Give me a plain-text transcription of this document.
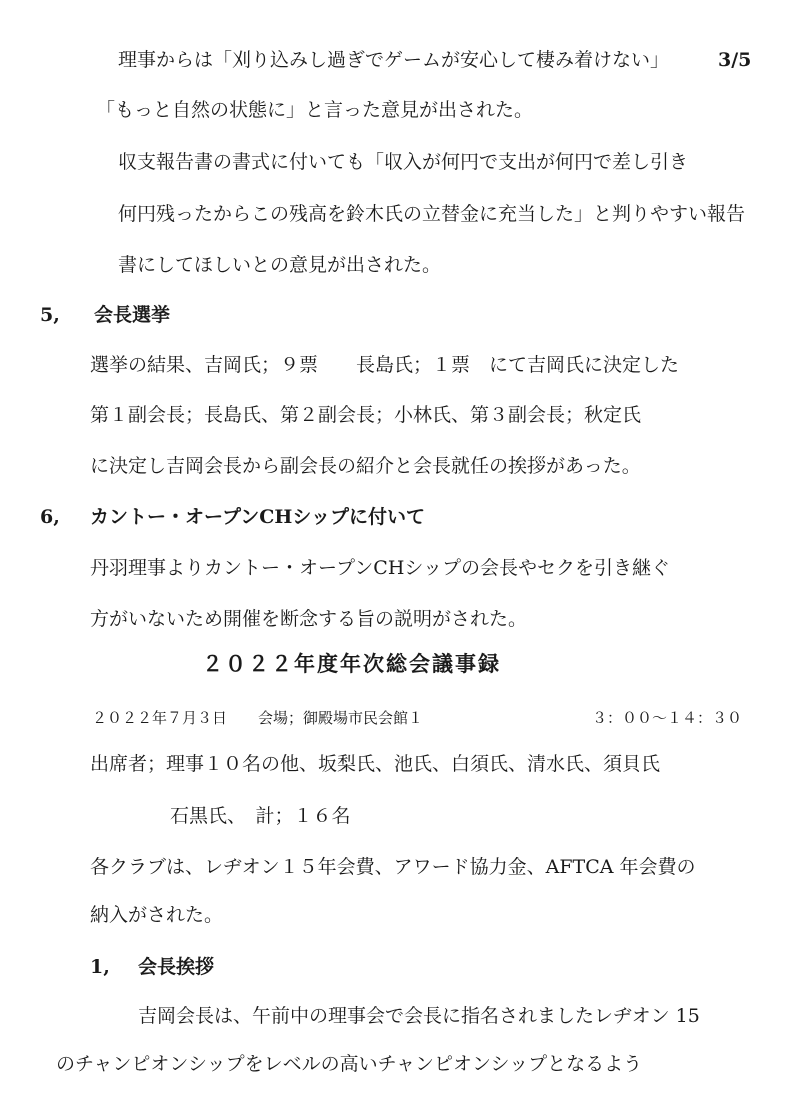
理事からは「刈り込みし過ぎでゲームが安心して棲み着けない」	3/5
「もっと自然の状態に」と言った意見が出された。
収支報告書の書式に付いても「収入が何円で支出が何円で差し引き
何円残ったからこの残高を鈴木氏の立替金に充当した」と判りやすい報告
書にしてほしいとの意見が出された。
5, 会長選挙
選挙の結果、吉岡氏；９票　　長島氏；１票　にて吉岡氏に決定した
第１副会長；長島氏、第２副会長；小林氏、第３副会長；秋定氏
に決定し吉岡会長から副会長の紹介と会長就任の挨拶があった。
6, カントー・オープンCHシップに付いて
丹羽理事よりカントー・オープンCHシップの会長やセクを引き継ぐ
方がいないため開催を断念する旨の説明がされた。
２０２２年度年次総会議事録
２０２２年７月３日 会場；御殿場市民会館１	３：００～１４：３０
出席者；理事１０名の他、坂梨氏、池氏、白須氏、清水氏、須貝氏
石黒氏、　計；１６名
各クラブは、レヂオン１５年会費、アワード協力金、AFTCA 年会費の
納入がされた。
1, 会長挨拶
吉岡会長は、午前中の理事会で会長に指名されましたレヂオン 15
のチャンピオンシップをレベルの高いチャンピオンシップとなるよう
